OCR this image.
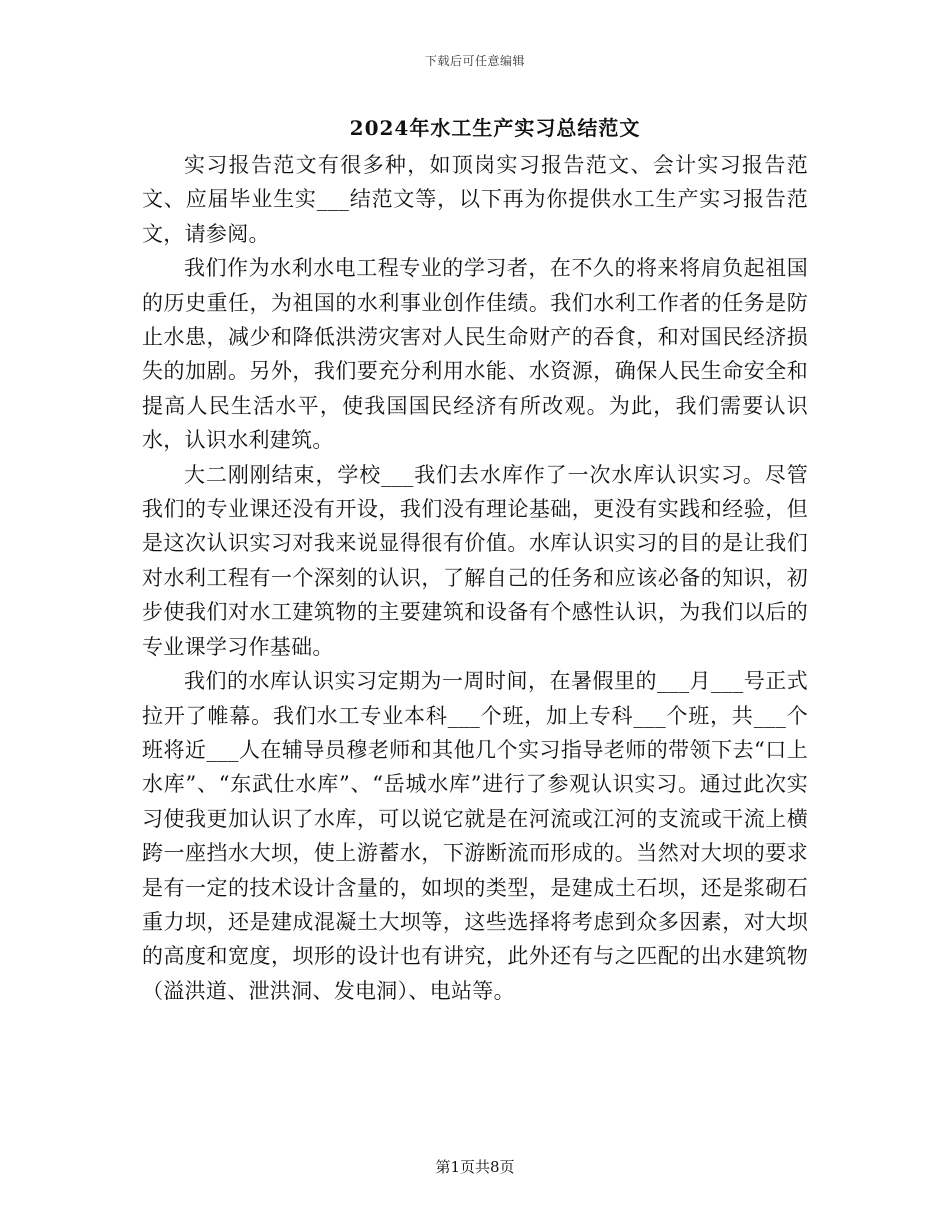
下载后可任意编辑
2024年水工生产实习总结范文

实习报告范文有很多种，如顶岗实习报告范文、会计实习报告范文、应届毕业生实___结范文等，以下再为你提供水工生产实习报告范文，请参阅。

我们作为水利水电工程专业的学习者，在不久的将来将肩负起祖国的历史重任，为祖国的水利事业创作佳绩。我们水利工作者的任务是防止水患，减少和降低洪涝灾害对人民生命财产的吞食，和对国民经济损失的加剧。另外，我们要充分利用水能、水资源，确保人民生命安全和提高人民生活水平，使我国国民经济有所改观。为此，我们需要认识水，认识水利建筑。

大二刚刚结束，学校___我们去水库作了一次水库认识实习。尽管我们的专业课还没有开设，我们没有理论基础，更没有实践和经验，但是这次认识实习对我来说显得很有价值。水库认识实习的目的是让我们对水利工程有一个深刻的认识，了解自己的任务和应该必备的知识，初步使我们对水工建筑物的主要建筑和设备有个感性认识，为我们以后的专业课学习作基础。

我们的水库认识实习定期为一周时间，在暑假里的___月___号正式拉开了帷幕。我们水工专业本科___个班，加上专科___个班，共___个班将近___人在辅导员穆老师和其他几个实习指导老师的带领下去“口上水库”、“东武仕水库”、“岳城水库”进行了参观认识实习。通过此次实习使我更加认识了水库，可以说它就是在河流或江河的支流或干流上横跨一座挡水大坝，使上游蓄水，下游断流而形成的。当然对大坝的要求是有一定的技术设计含量的，如坝的类型，是建成土石坝，还是浆砌石重力坝，还是建成混凝土大坝等，这些选择将考虑到众多因素，对大坝的高度和宽度，坝形的设计也有讲究，此外还有与之匹配的出水建筑物（溢洪道、泄洪洞、发电洞）、电站等。

第1页共8页
